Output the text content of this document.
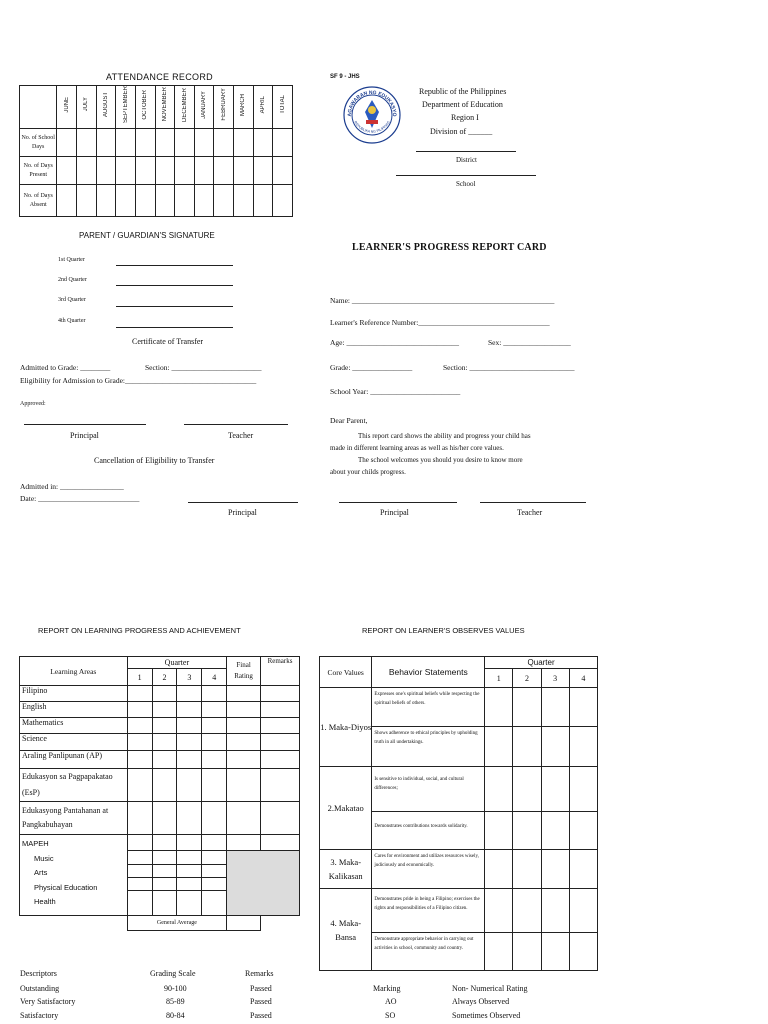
ATTENDANCE RECORD
	JUNE	JULY	AUGUST	SEPTEMBER	OCTOBER	NOVEMBER	DECEMBER	JANUARY	FEBRUARY	MARCH	APRIL	TOTAL
No. of School Days												
No. of Days Present												
No. of Days Absent												
SF 9 - JHS
AGAWARAN NG EDUKASYO
REPUBLIKA NG PILIPINAS
Republic of the Philippines
Department of Education
Region I
Division of ______
District
School
PARENT / GUARDIAN'S SIGNATURE
1st Quarter
2nd Quarter
3rd Quarter
4th Quarter
Certificate of Transfer
Admitted to Grade: ________	Section: ________________________
Eligibility for Admission to Grade:___________________________________
Approved:
Principal	Teacher
Cancellation of Eligibility to Transfer
Admitted in: _________________
Date: ___________________________
Principal
LEARNER'S PROGRESS REPORT CARD
Name: ______________________________________________________
Learner's Reference Number:___________________________________
Age: ______________________________	Sex: __________________
Grade: ________________	Section: ____________________________
School Year: ________________________
Dear Parent,
This report card shows the ability and progress your child has
made in different learning areas as well as his/her core values.
The school welcomes you should you desire to know more
about your childs progress.
Principal	Teacher
REPORT ON LEARNING PROGRESS AND ACHIEVEMENT
Learning Areas	Quarter				Final Rating	Remarks
	1	2	3	4		
Filipino						
English						
Mathematics						
Science						
Araling Panlipunan (AP)						
Edukasyon sa Pagpapakatao (EsP)						
Edukasyong Pantahanan at Pangkabuhayan						

MAPEH
Music
Arts
Physical Education
Health						

	General Average					
REPORT ON LEARNER'S OBSERVES VALUES
Core Values	Behavior Statements	Quarter			
		1	2	3	4
1. Maka-Diyos	Expresses one's spiritual beliefs while respecting the spiritual beliefs of others.				
	Shows adherence to ethical principles by upholding truth in all undertakings.				
2.Makatao	Is sensitive to individual, social, and cultural differences;				
	Demonstrates contributions towards solidarity.				
3. Maka-Kalikasan	Cares for environment and utilizes resources wisely, judiciously and economically.				
4. Maka-Bansa	Demonstrates pride in being a Filipino; exercises the rights and responsibilities of a Filipino citizen.				
	Demonstrate appropriate behavior in carrying out activities in school, community and country.				
Descriptors	Grading Scale	Remarks
Outstanding	90-100	Passed
Very Satisfactory	85-89	Passed
Satisfactory	80-84	Passed
Marking	Non- Numerical Rating
AO	Always Observed
SO	Sometimes Observed
